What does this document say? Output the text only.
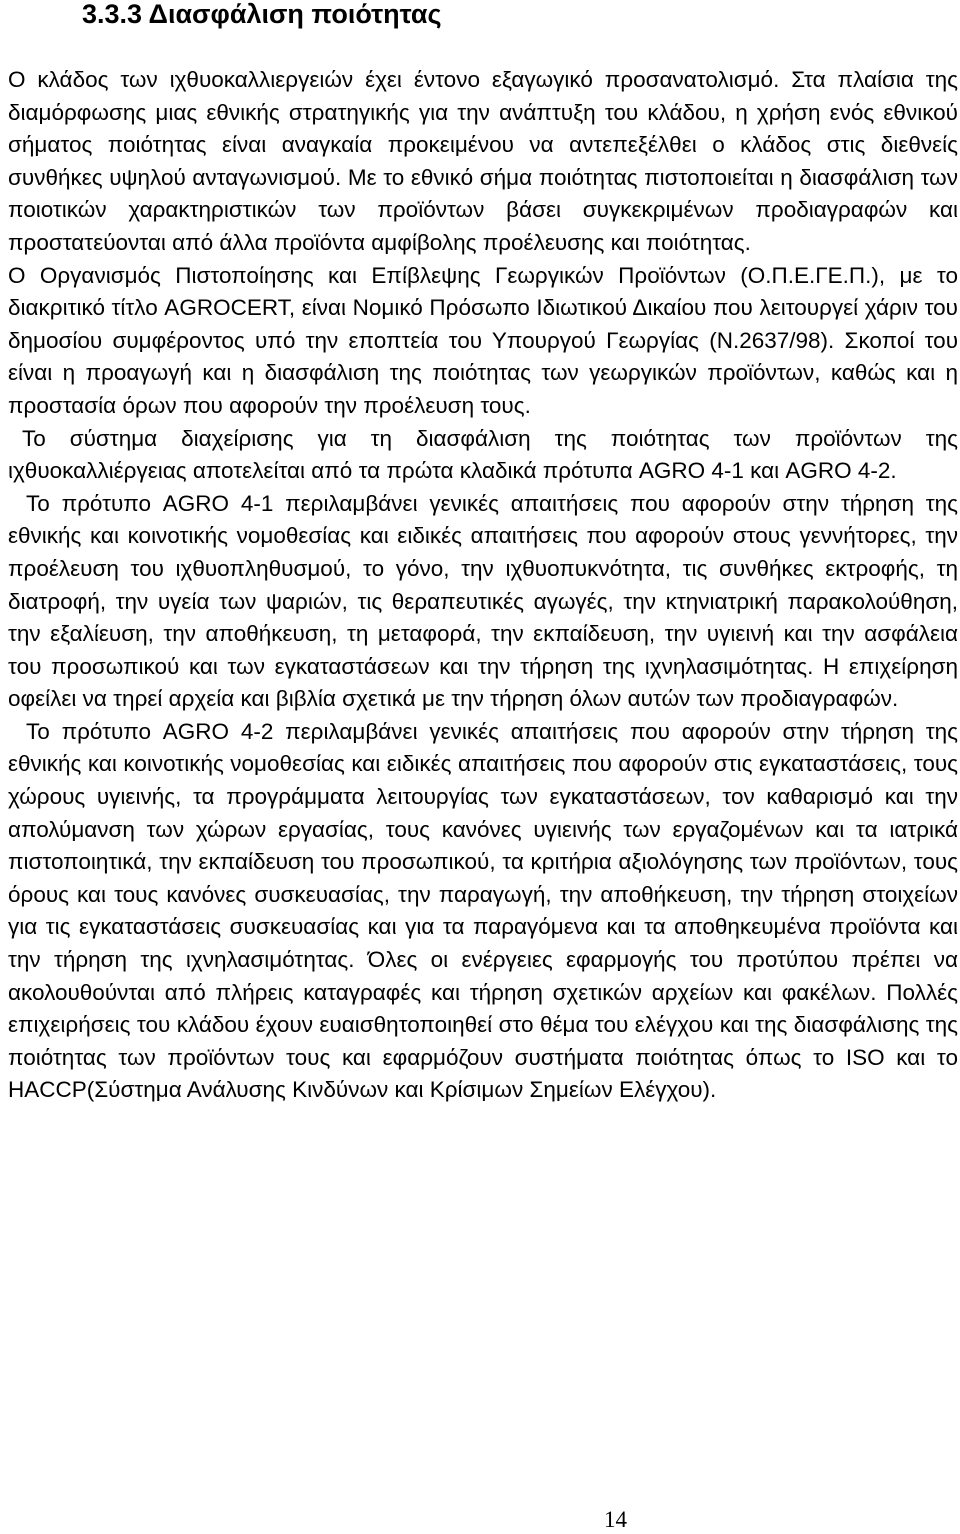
3.3.3 Διασφάλιση ποιότητας

Ο κλάδος των ιχθυοκαλλιεργειών έχει έντονο εξαγωγικό προσανατολισμό. Στα πλαίσια της διαμόρφωσης μιας εθνικής στρατηγικής για την ανάπτυξη του κλάδου, η χρήση ενός εθνικού σήματος ποιότητας είναι αναγκαία προκειμένου να αντεπεξέλθει ο κλάδος στις διεθνείς συνθήκες υψηλού ανταγωνισμού. Με το εθνικό σήμα ποιότητας πιστοποιείται η διασφάλιση των ποιοτικών χαρακτηριστικών των προϊόντων βάσει συγκεκριμένων προδιαγραφών και προστατεύονται από άλλα προϊόντα αμφίβολης προέλευσης και ποιότητας.

Ο Οργανισμός Πιστοποίησης και Επίβλεψης Γεωργικών Προϊόντων (Ο.Π.Ε.ΓΕ.Π.), με το διακριτικό τίτλο AGROCERT, είναι Νομικό Πρόσωπο Ιδιωτικού Δικαίου που λειτουργεί χάριν του δημοσίου συμφέροντος υπό την εποπτεία του Υπουργού Γεωργίας (Ν.2637/98). Σκοποί του είναι η προαγωγή και η διασφάλιση της ποιότητας των γεωργικών προϊόντων, καθώς και η προστασία όρων που αφορούν την προέλευση τους.

Το σύστημα διαχείρισης για τη διασφάλιση της ποιότητας των προϊόντων της ιχθυοκαλλιέργειας αποτελείται από τα πρώτα κλαδικά πρότυπα AGRO 4-1 και AGRO 4-2.

Το πρότυπο AGRO 4-1 περιλαμβάνει γενικές απαιτήσεις που αφορούν στην τήρηση της εθνικής και κοινοτικής νομοθεσίας και ειδικές απαιτήσεις που αφορούν στους γεννήτορες, την προέλευση του ιχθυοπληθυσμού, το γόνο, την ιχθυοπυκνότητα, τις συνθήκες εκτροφής, τη διατροφή, την υγεία των ψαριών, τις θεραπευτικές αγωγές, την κτηνιατρική παρακολούθηση, την εξαλίευση, την αποθήκευση, τη μεταφορά, την εκπαίδευση, την υγιεινή και την ασφάλεια του προσωπικού και των εγκαταστάσεων και την τήρηση της ιχνηλασιμότητας. Η επιχείρηση οφείλει να τηρεί αρχεία και βιβλία σχετικά με την τήρηση όλων αυτών των προδιαγραφών.

Το πρότυπο AGRO 4-2 περιλαμβάνει γενικές απαιτήσεις που αφορούν στην τήρηση της εθνικής και κοινοτικής νομοθεσίας και ειδικές απαιτήσεις που αφορούν στις εγκαταστάσεις, τους χώρους υγιεινής, τα προγράμματα λειτουργίας των εγκαταστάσεων, τον καθαρισμό και την απολύμανση των χώρων εργασίας, τους κανόνες υγιεινής των εργαζομένων και τα ιατρικά πιστοποιητικά, την εκπαίδευση του προσωπικού, τα κριτήρια αξιολόγησης των προϊόντων, τους όρους και τους κανόνες συσκευασίας, την παραγωγή, την αποθήκευση, την τήρηση στοιχείων για τις εγκαταστάσεις συσκευασίας και για τα παραγόμενα και τα αποθηκευμένα προϊόντα και την τήρηση της ιχνηλασιμότητας. Όλες οι ενέργειες εφαρμογής του προτύπου πρέπει να ακολουθούνται από πλήρεις καταγραφές και τήρηση σχετικών αρχείων και φακέλων. Πολλές επιχειρήσεις του κλάδου έχουν ευαισθητοποιηθεί στο θέμα του ελέγχου και της διασφάλισης της ποιότητας των προϊόντων τους και εφαρμόζουν συστήματα ποιότητας όπως το ISO και το HACCP(Σύστημα Ανάλυσης Κινδύνων και Κρίσιμων Σημείων Ελέγχου).

14
